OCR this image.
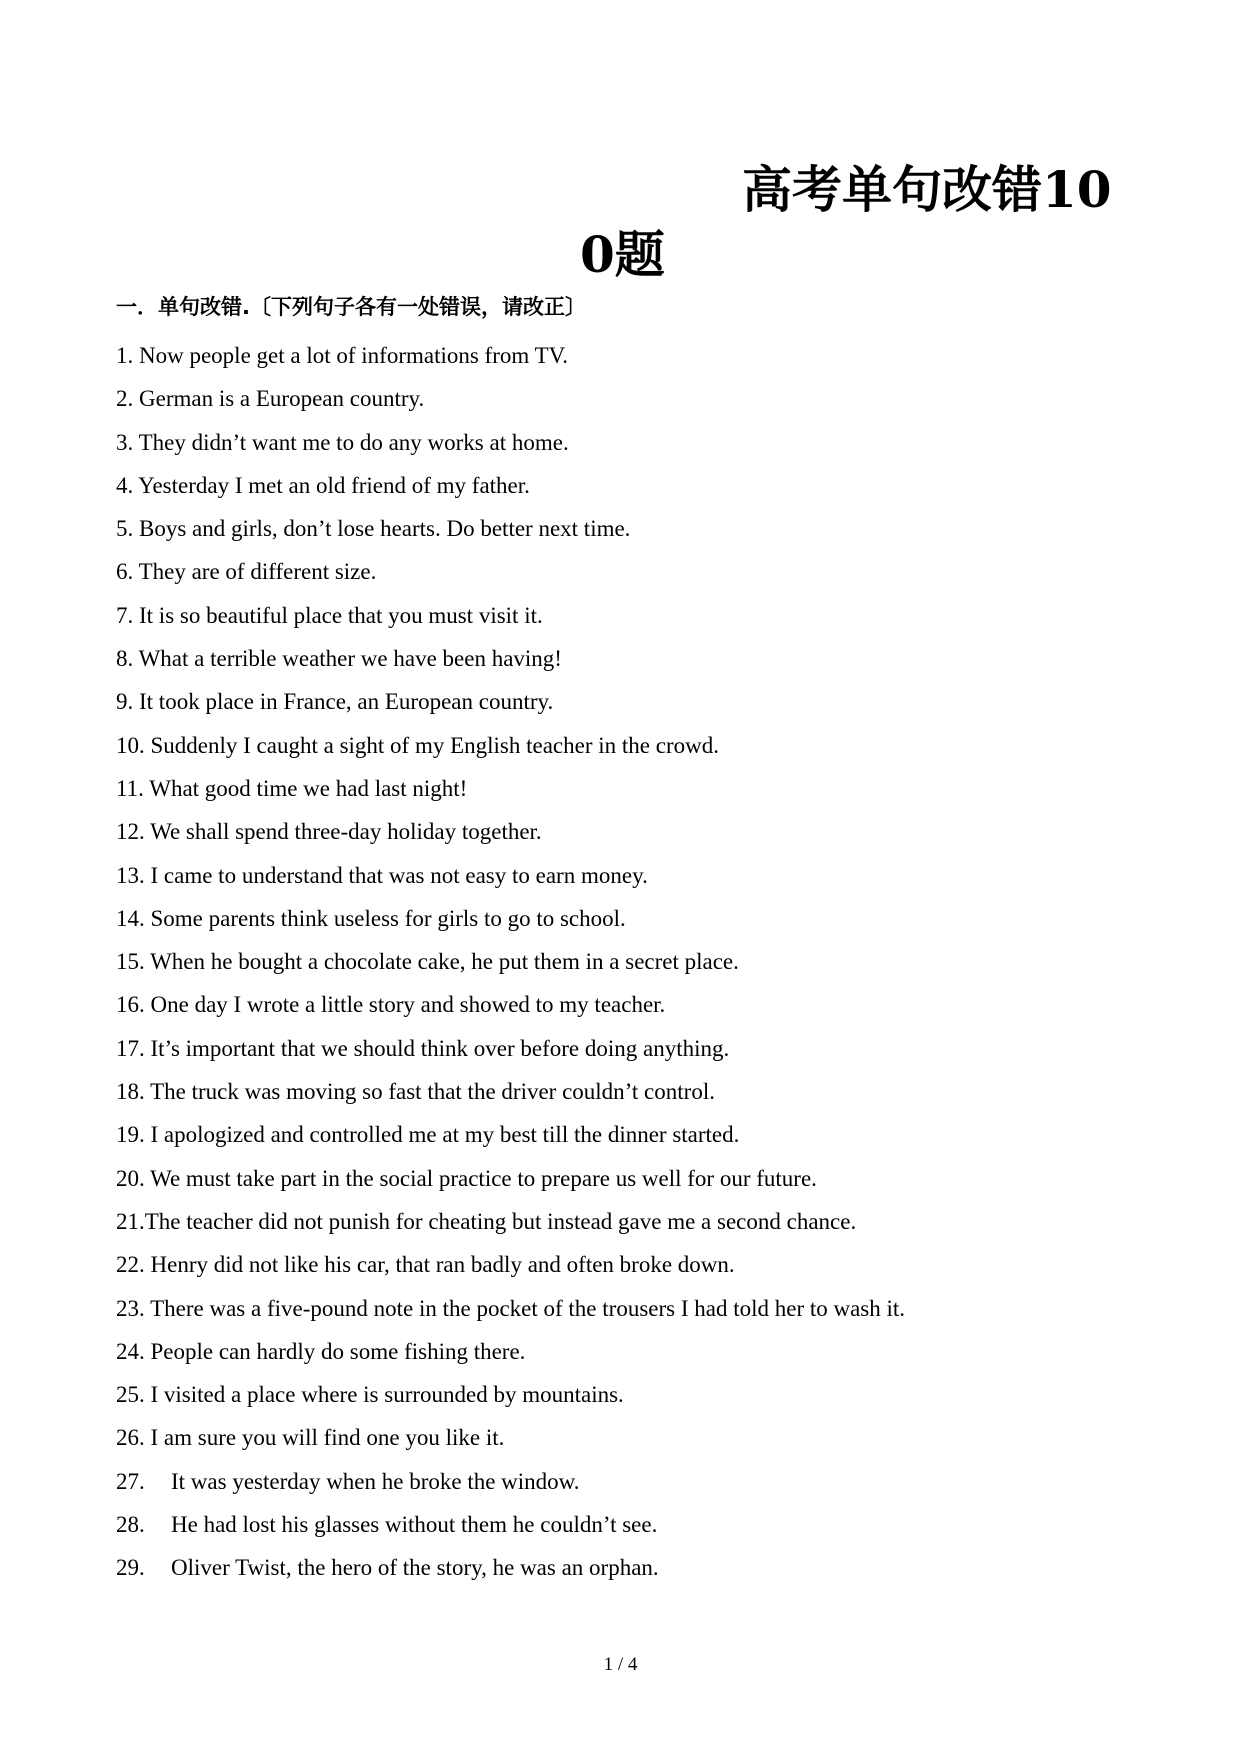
高考单句改错10
0题
一．单句改错.〔下列句子各有一处错误，请改正〕
1. Now people get a lot of informations from TV.
2. German is a European country.
3. They didn’t want me to do any works at home.
4. Yesterday I met an old friend of my father.
5. Boys and girls, don’t lose hearts. Do better next time.
6. They are of different size.
7. It is so beautiful place that you must visit it.
8. What a terrible weather we have been having!
9. It took place in France, an European country.
10. Suddenly I caught a sight of my English teacher in the crowd.
11. What good time we had last night!
12. We shall spend three-day holiday together.
13. I came to understand that was not easy to earn money.
14. Some parents think useless for girls to go to school.
15. When he bought a chocolate cake, he put them in a secret place.
16. One day I wrote a little story and showed to my teacher.
17. It’s important that we should think over before doing anything.
18. The truck was moving so fast that the driver couldn’t control.
19. I apologized and controlled me at my best till the dinner started.
20. We must take part in the social practice to prepare us well for our future.
21.The teacher did not punish for cheating but instead gave me a second chance.
22. Henry did not like his car, that ran badly and often broke down.
23. There was a five-pound note in the pocket of the trousers I had told her to wash it.
24. People can hardly do some fishing there.
25. I visited a place where is surrounded by mountains.
26. I am sure you will find one you like it.
27. It was yesterday when he broke the window.
28. He had lost his glasses without them he couldn’t see.
29. Oliver Twist, the hero of the story, he was an orphan.
1 / 4
